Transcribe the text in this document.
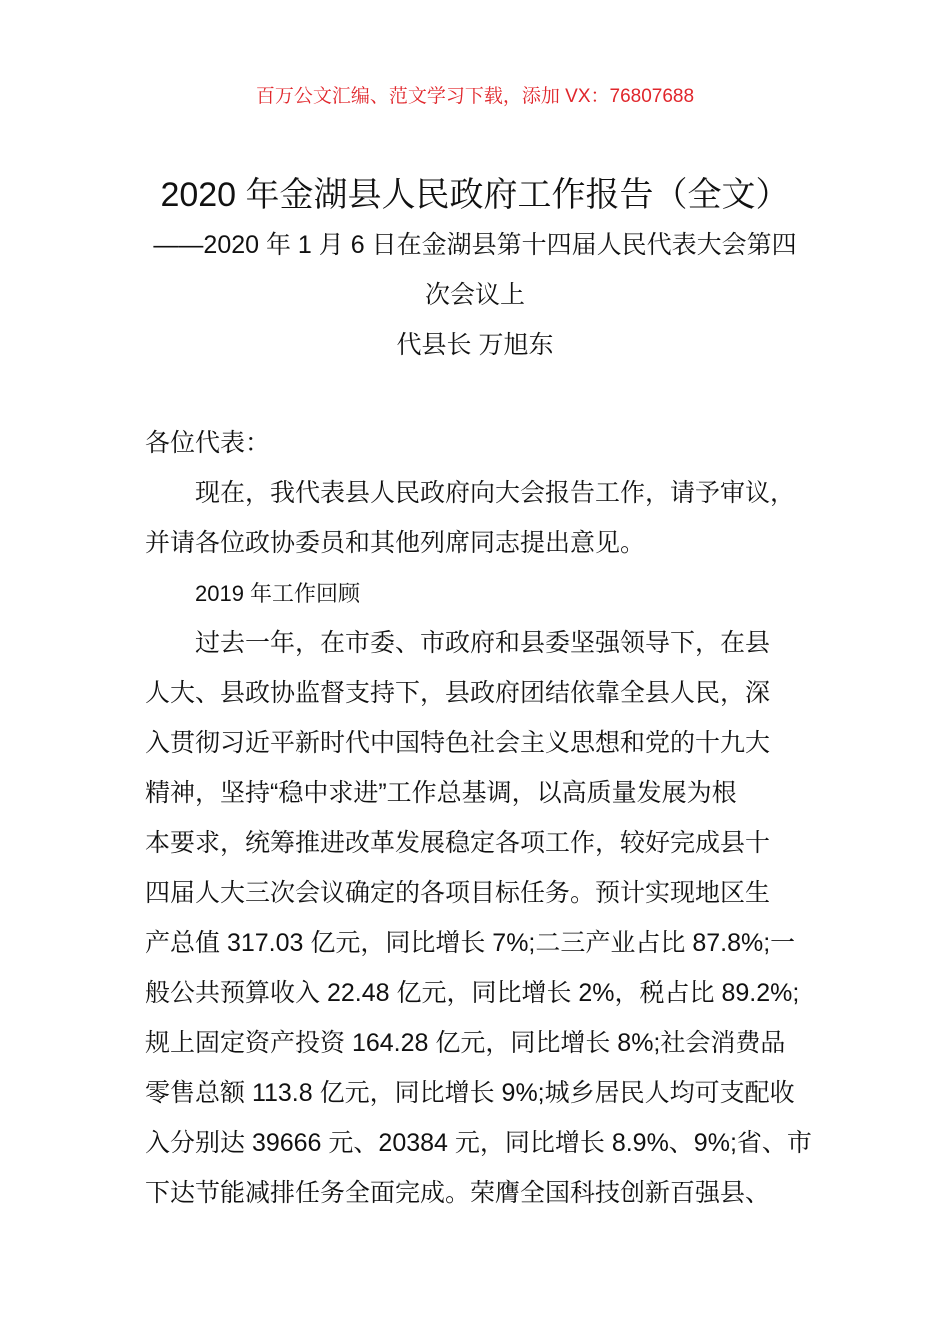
百万公文汇编、范文学习下载，添加 VX：76807688
2020 年金湖县人民政府工作报告（全文）
——2020 年 1 月 6 日在金湖县第十四届人民代表大会第四
次会议上
代县长 万旭东
各位代表：
现在，我代表县人民政府向大会报告工作，请予审议，
并请各位政协委员和其他列席同志提出意见。
2019 年工作回顾
过去一年，在市委、市政府和县委坚强领导下，在县
人大、县政协监督支持下，县政府团结依靠全县人民，深
入贯彻习近平新时代中国特色社会主义思想和党的十九大
精神，坚持“稳中求进”工作总基调，以高质量发展为根
本要求，统筹推进改革发展稳定各项工作，较好完成县十
四届人大三次会议确定的各项目标任务。预计实现地区生
产总值 317.03 亿元，同比增长 7%;二三产业占比 87.8%;一
般公共预算收入 22.48 亿元，同比增长 2%，税占比 89.2%;
规上固定资产投资 164.28 亿元，同比增长 8%;社会消费品
零售总额 113.8 亿元，同比增长 9%;城乡居民人均可支配收
入分别达 39666 元、20384 元，同比增长 8.9%、9%;省、市
下达节能减排任务全面完成。荣膺全国科技创新百强县、
